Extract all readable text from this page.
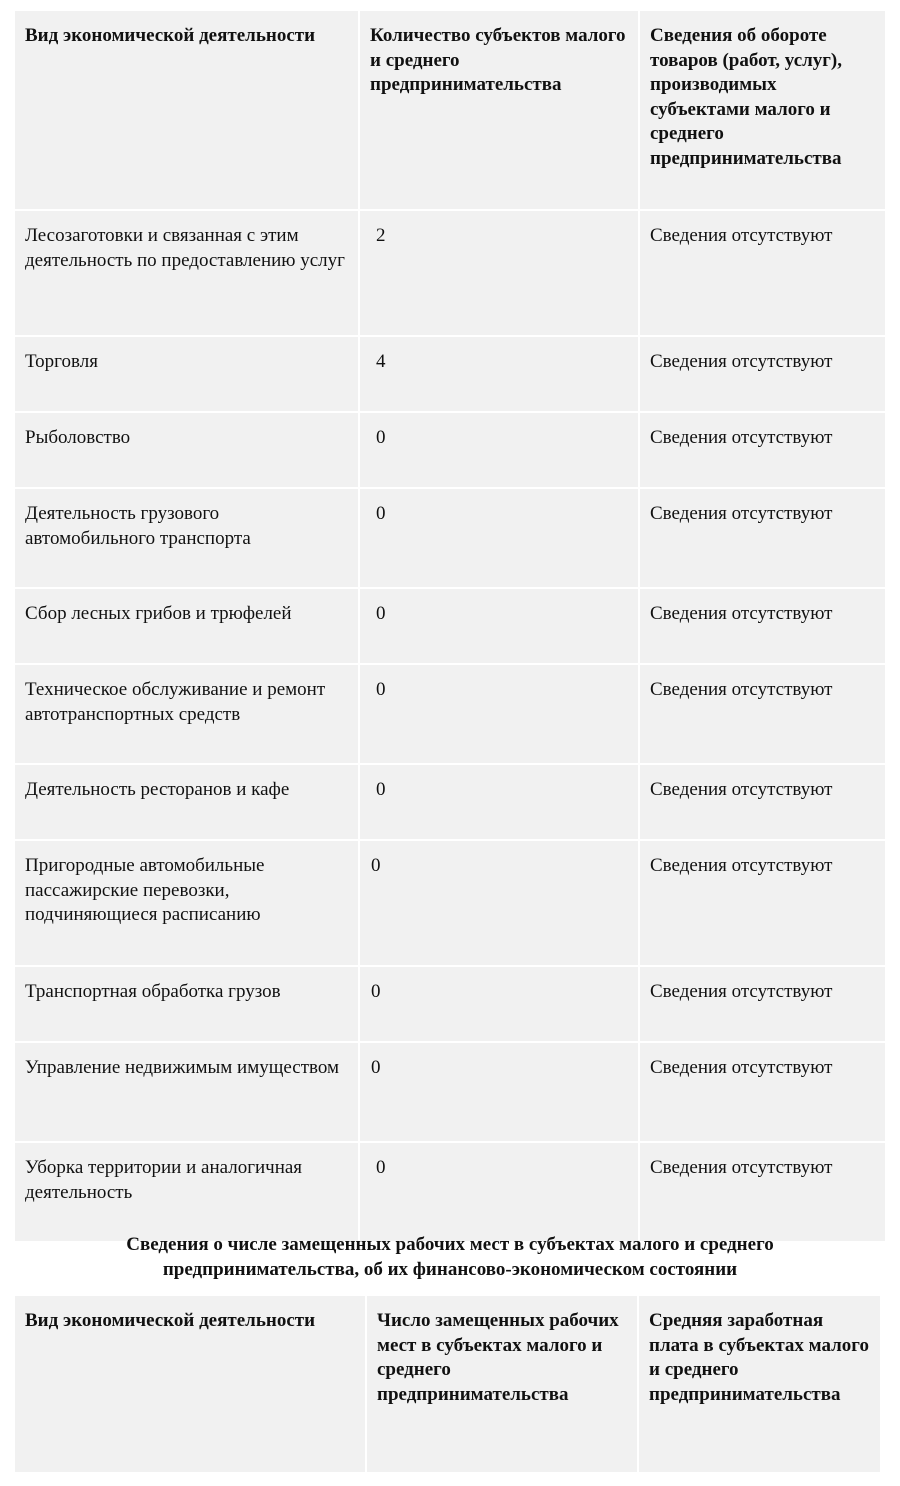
Вид экономической деятельности	Количество субъектов малого и среднего предпринимательства	Сведения об обороте товаров (работ, услуг), производимых субъектами малого и среднего предпринимательства
Лесозаготовки и связанная с этим деятельность по предоставлению услуг	2	Сведения отсутствуют
Торговля	4	Сведения отсутствуют
Рыболовство	0	Сведения отсутствуют
Деятельность грузового автомобильного транспорта	0	Сведения отсутствуют
Сбор лесных грибов и трюфелей	0	Сведения отсутствуют
Техническое обслуживание и ремонт автотранспортных средств	0	Сведения отсутствуют
Деятельность ресторанов и кафе	0	Сведения отсутствуют
Пригородные автомобильные пассажирские перевозки, подчиняющиеся расписанию	0	Сведения отсутствуют
Транспортная обработка грузов	0	Сведения отсутствуют
Управление недвижимым имуществом	0	Сведения отсутствуют
Уборка территории и аналогичная деятельность	0	Сведения отсутствуют
Сведения о числе замещенных рабочих мест в субъектах малого и среднего
предпринимательства, об их финансово-экономическом состоянии
Вид экономической деятельности	Число замещенных рабочих мест в субъектах малого и среднего предпринимательства	Средняя заработная плата в субъектах малого и среднего предпринимательства
